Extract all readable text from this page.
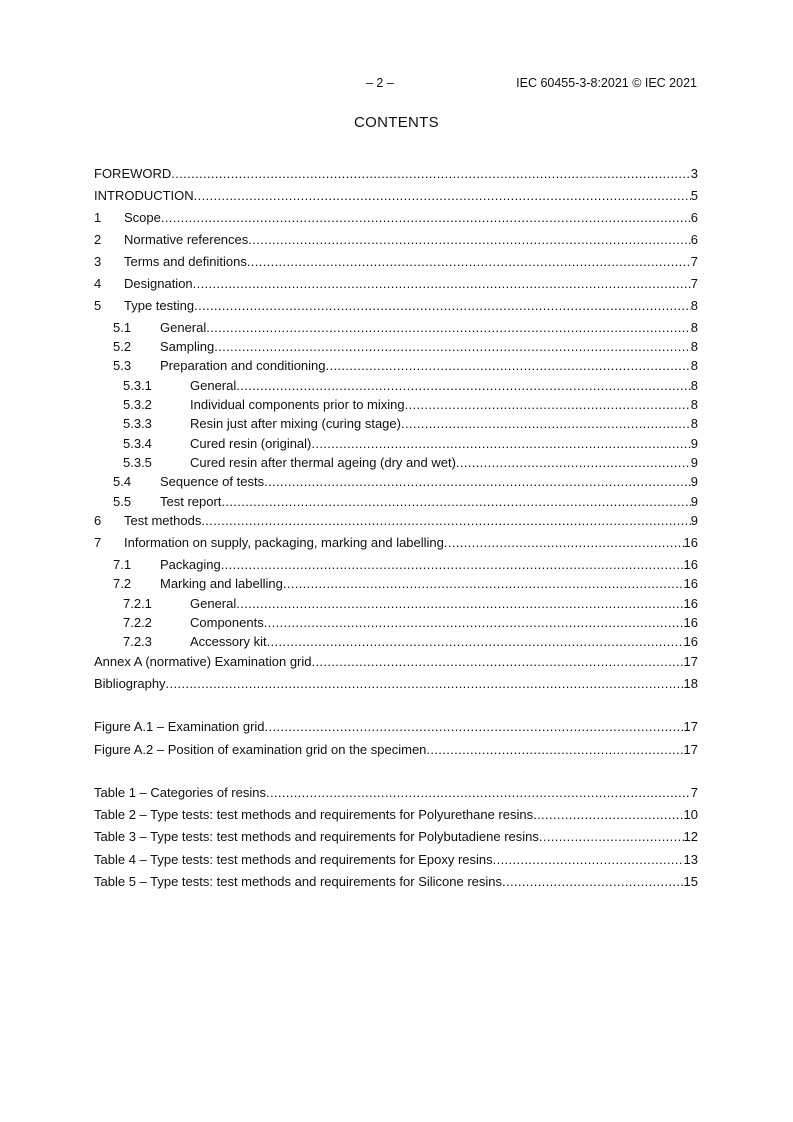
– 2 –	IEC 60455-3-8:2021 © IEC 2021
CONTENTS
FOREWORD .....	3
INTRODUCTION .....	5
1	Scope .....	6
2	Normative references .....	6
3	Terms and definitions .....	7
4	Designation .....	7
5	Type testing .....	8
5.1	General .....	8
5.2	Sampling .....	8
5.3	Preparation and conditioning .....	8
5.3.1	General .....	8
5.3.2	Individual components prior to mixing .....	8
5.3.3	Resin just after mixing (curing stage) .....	8
5.3.4	Cured resin (original) .....	9
5.3.5	Cured resin after thermal ageing (dry and wet) .....	9
5.4	Sequence of tests .....	9
5.5	Test report .....	9
6	Test methods .....	9
7	Information on supply, packaging, marking and labelling .....	16
7.1	Packaging .....	16
7.2	Marking and labelling .....	16
7.2.1	General .....	16
7.2.2	Components .....	16
7.2.3	Accessory kit .....	16
Annex A (normative) Examination grid .....	17
Bibliography .....	18
Figure A.1 – Examination grid .....	17
Figure A.2 – Position of examination grid on the specimen .....	17
Table 1 – Categories of resins .....	7
Table 2 – Type tests: test methods and requirements for Polyurethane resins .....	10
Table 3 – Type tests: test methods and requirements for Polybutadiene resins .....	12
Table 4 – Type tests: test methods and requirements for Epoxy resins .....	13
Table 5 – Type tests: test methods and requirements for Silicone resins .....	15
